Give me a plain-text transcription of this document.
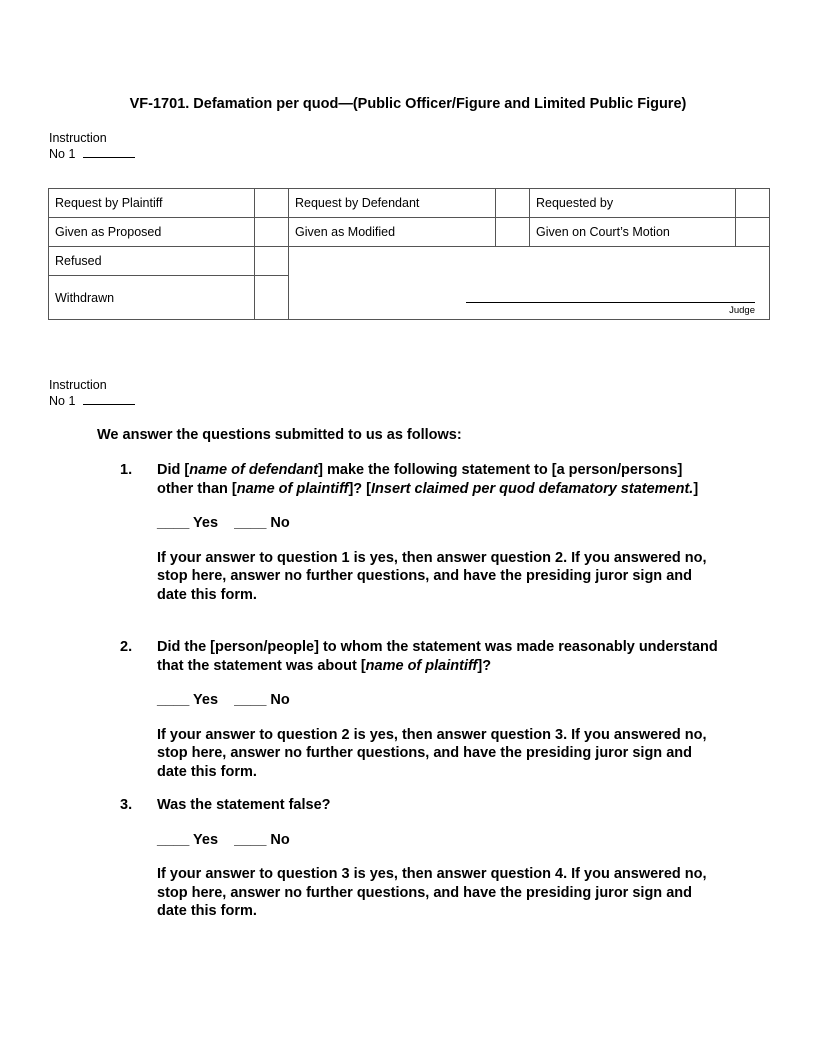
VF-1701. Defamation per quod—(Public Officer/Figure and Limited Public Figure)
Instruction
No 1
Request by Plaintiff		Request by Defendant		Requested by	
Given as Proposed		Given as Modified		Given on Court’s Motion	
Refused		Judge			

Withdrawn					
Instruction
No 1
We answer the questions submitted to us as follows:
1. Did [name of defendant] make the following statement to [a person/persons] other than [name of plaintiff]? [Insert claimed per quod defamatory statement.]

____ Yes    ____ No

If your answer to question 1 is yes, then answer question 2. If you answered no, stop here, answer no further questions, and have the presiding juror sign and date this form.

2. Did the [person/people] to whom the statement was made reasonably understand that the statement was about [name of plaintiff]?

____ Yes    ____ No

If your answer to question 2 is yes, then answer question 3. If you answered no, stop here, answer no further questions, and have the presiding juror sign and date this form.

3. Was the statement false?

____ Yes    ____ No

If your answer to question 3 is yes, then answer question 4. If you answered no, stop here, answer no further questions, and have the presiding juror sign and date this form.
